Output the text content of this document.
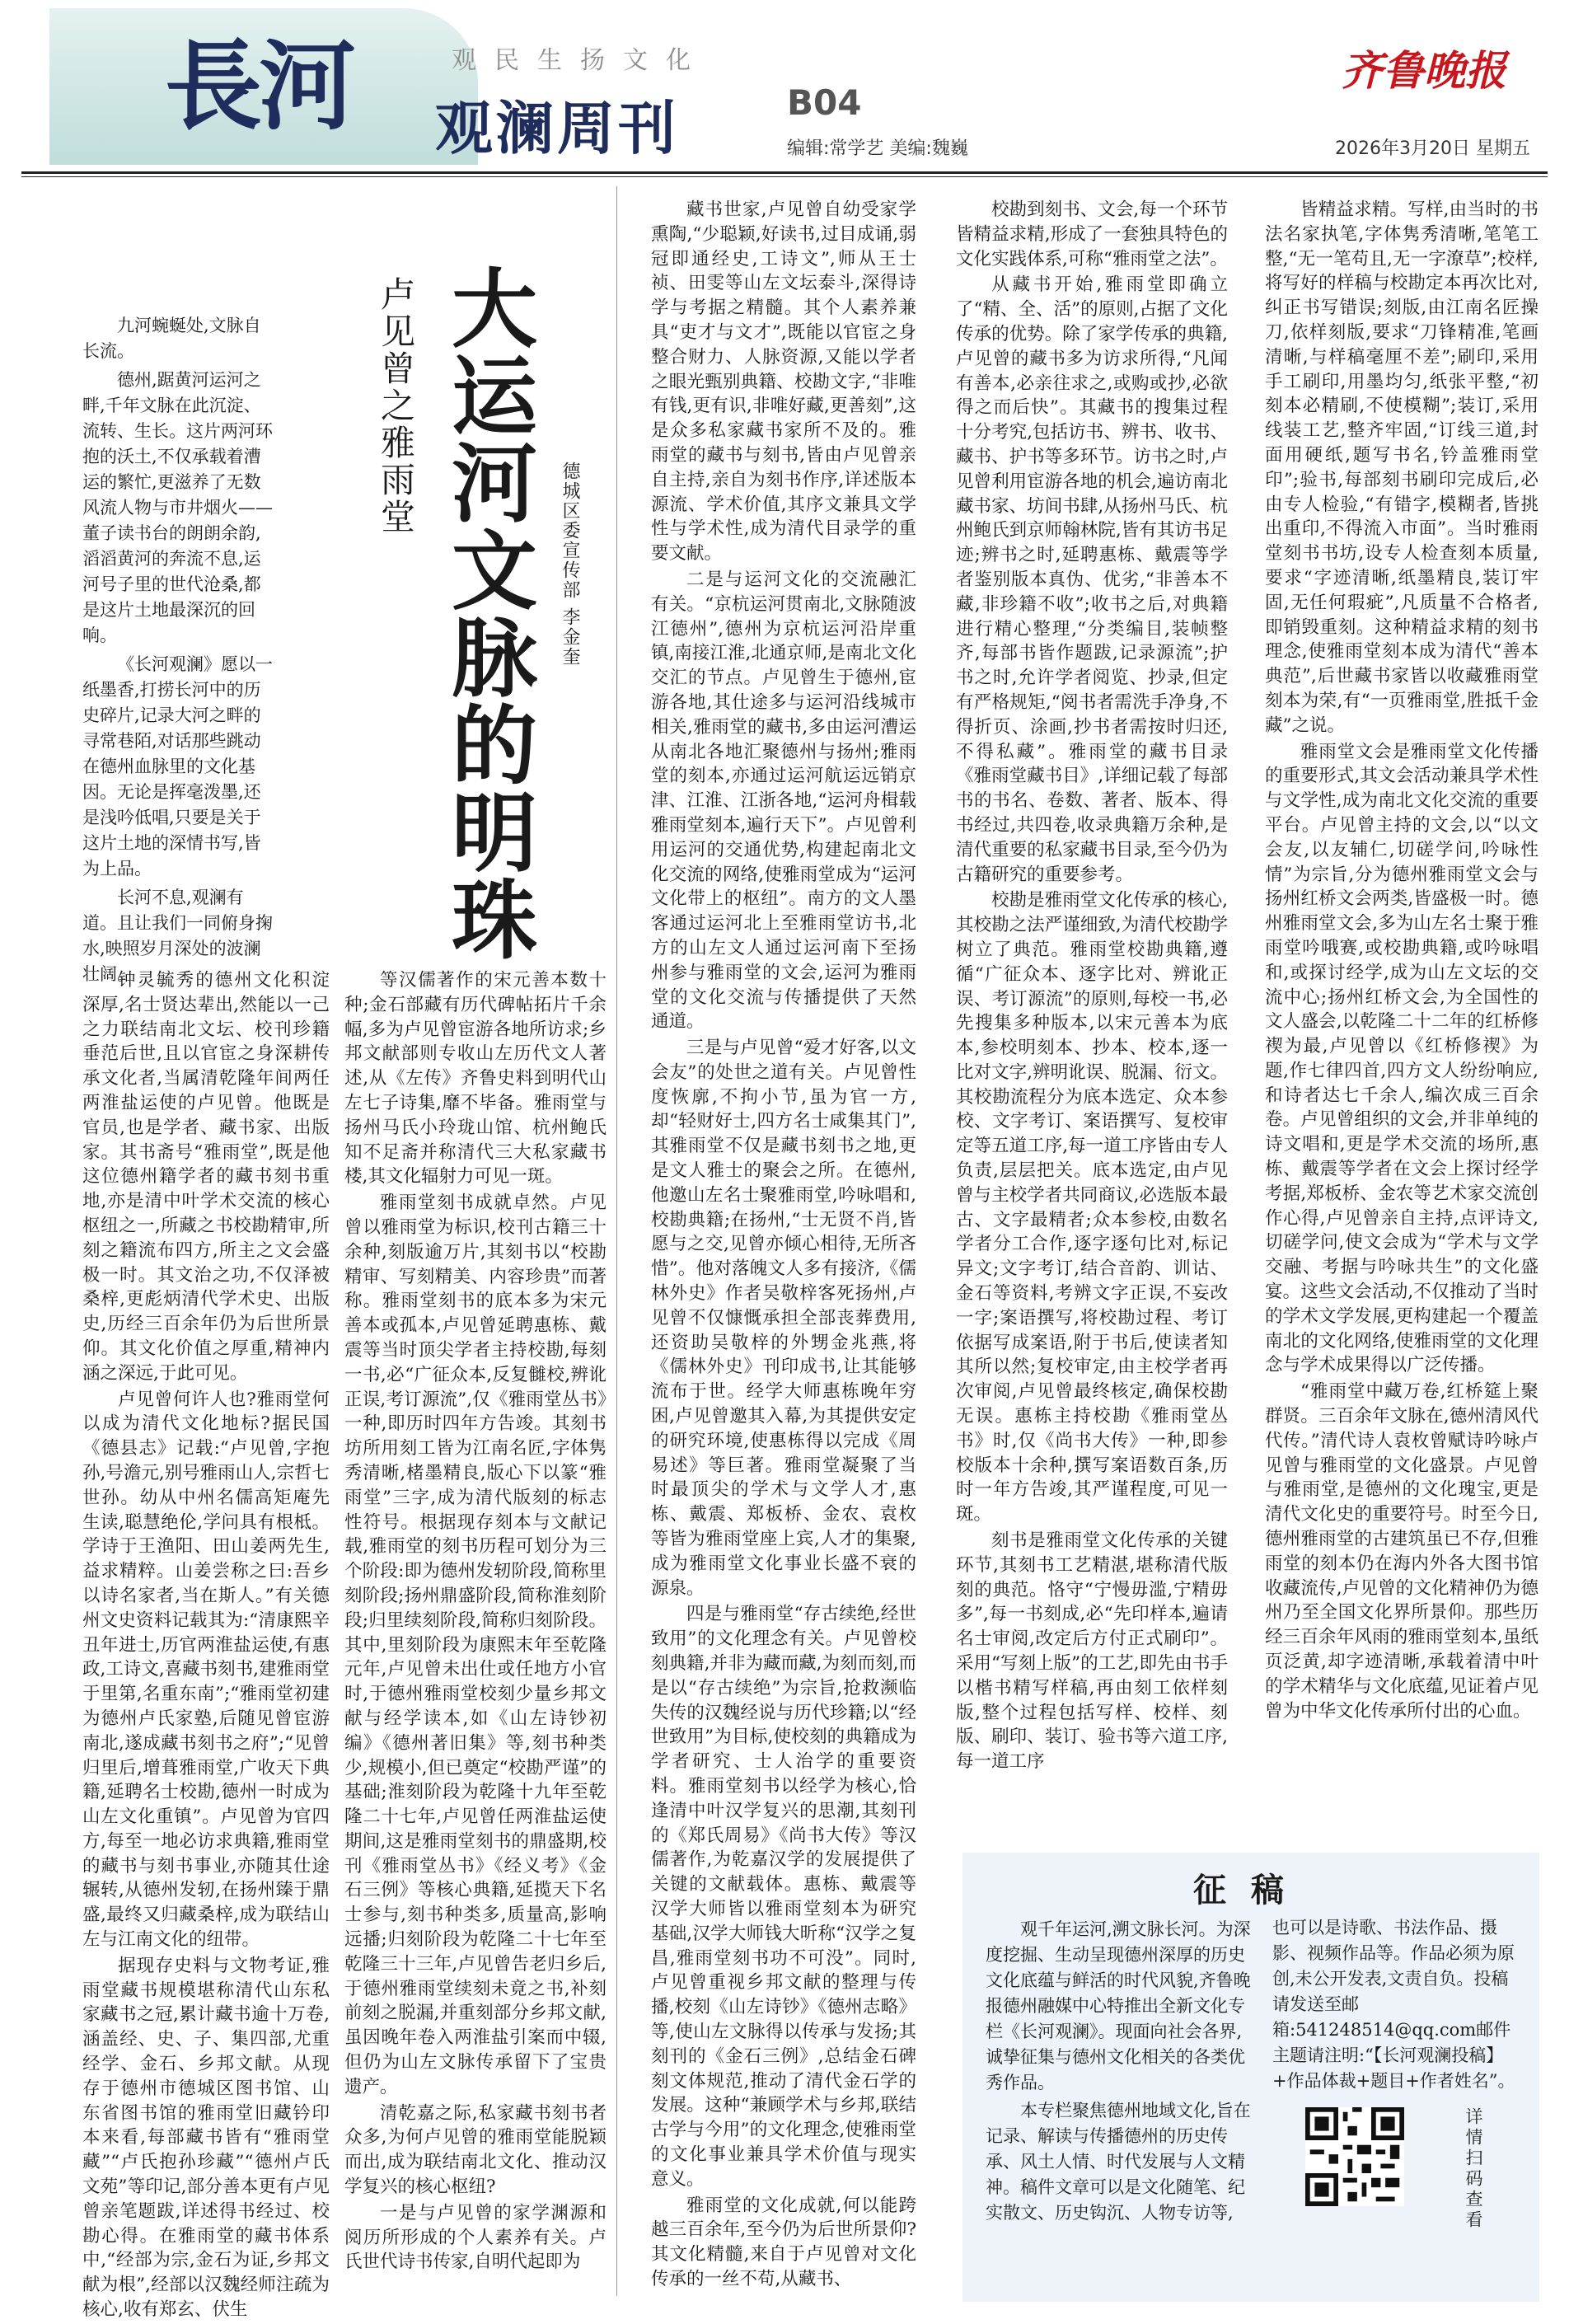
長河	观民生扬文化
观澜周刊	B04
编辑:常学艺 美编:魏巍
齐鲁晚报
2026年3月20日 星期五

九河蜿蜒处,文脉自长流。

德州,踞黄河运河之畔,千年文脉在此沉淀、流转、生长。这片两河环抱的沃土,不仅承载着漕运的繁忙,更滋养了无数风流人物与市井烟火——董子读书台的朗朗余韵,滔滔黄河的奔流不息,运河号子里的世代沧桑,都是这片土地最深沉的回响。

《长河观澜》愿以一纸墨香,打捞长河中的历史碎片,记录大河之畔的寻常巷陌,对话那些跳动在德州血脉里的文化基因。无论是挥毫泼墨,还是浅吟低唱,只要是关于这片土地的深情书写,皆为上品。

长河不息,观澜有道。且让我们一同俯身掬水,映照岁月深处的波澜壮阔。

卢见曾之雅雨堂 大运河文脉的明珠 德城区委宣传部 李金奎

钟灵毓秀的德州文化积淀深厚,名士贤达辈出,然能以一己之力联结南北文坛、校刊珍籍垂范后世,且以官宦之身深耕传承文化者,当属清乾隆年间两任两淮盐运使的卢见曾。他既是官员,也是学者、藏书家、出版家。其书斋号“雅雨堂”,既是他这位德州籍学者的藏书刻书重地,亦是清中叶学术交流的核心枢纽之一,所藏之书校勘精审,所刻之籍流布四方,所主之文会盛极一时。其文治之功,不仅泽被桑梓,更彪炳清代学术史、出版史,历经三百余年仍为后世所景仰。其文化价值之厚重,精神内涵之深远,于此可见。

卢见曾何许人也?雅雨堂何以成为清代文化地标?据民国《德县志》记载:“卢见曾,字抱孙,号澹元,别号雅雨山人,宗哲七世孙。幼从中州名儒高矩庵先生读,聪慧绝伦,学问具有根柢。学诗于王渔阳、田山姜两先生,益求精粹。山姜尝称之曰:吾乡以诗名家者,当在斯人。”有关德州文史资料记载其为:“清康熙辛丑年进士,历官两淮盐运使,有惠政,工诗文,喜藏书刻书,建雅雨堂于里第,名重东南”;“雅雨堂初建为德州卢氏家塾,后随见曾宦游南北,遂成藏书刻书之府”;“见曾归里后,增葺雅雨堂,广收天下典籍,延聘名士校勘,德州一时成为山左文化重镇”。卢见曾为官四方,每至一地必访求典籍,雅雨堂的藏书与刻书事业,亦随其仕途辗转,从德州发轫,在扬州臻于鼎盛,最终又归藏桑梓,成为联结山左与江南文化的纽带。

据现存史料与文物考证,雅雨堂藏书规模堪称清代山东私家藏书之冠,累计藏书逾十万卷,涵盖经、史、子、集四部,尤重经学、金石、乡邦文献。从现存于德州市德城区图书馆、山东省图书馆的雅雨堂旧藏钤印本来看,每部藏书皆有“雅雨堂藏”“卢氏抱孙珍藏”“德州卢氏文苑”等印记,部分善本更有卢见曾亲笔题跋,详述得书经过、校勘心得。在雅雨堂的藏书体系中,“经部为宗,金石为证,乡邦文献为根”,经部以汉魏经师注疏为核心,收有郑玄、伏生

等汉儒著作的宋元善本数十种;金石部藏有历代碑帖拓片千余幅,多为卢见曾宦游各地所访求;乡邦文献部则专收山左历代文人著述,从《左传》齐鲁史料到明代山左七子诗集,靡不毕备。雅雨堂与扬州马氏小玲珑山馆、杭州鲍氏知不足斋并称清代三大私家藏书楼,其文化辐射力可见一斑。

雅雨堂刻书成就卓然。卢见曾以雅雨堂为标识,校刊古籍三十余种,刻版逾万片,其刻书以“校勘精审、写刻精美、内容珍贵”而著称。雅雨堂刻书的底本多为宋元善本或孤本,卢见曾延聘惠栋、戴震等当时顶尖学者主持校勘,每刻一书,必“广征众本,反复雠校,辨讹正误,考订源流”,仅《雅雨堂丛书》一种,即历时四年方告竣。其刻书坊所用刻工皆为江南名匠,字体隽秀清晰,楮墨精良,版心下以篆“雅雨堂”三字,成为清代版刻的标志性符号。根据现存刻本与文献记载,雅雨堂的刻书历程可划分为三个阶段:即为德州发轫阶段,简称里刻阶段;扬州鼎盛阶段,简称淮刻阶段;归里续刻阶段,简称归刻阶段。其中,里刻阶段为康熙末年至乾隆元年,卢见曾未出仕或任地方小官时,于德州雅雨堂校刻少量乡邦文献与经学读本,如《山左诗钞初编》《德州著旧集》等,刻书种类少,规模小,但已奠定“校勘严谨”的基础;淮刻阶段为乾隆十九年至乾隆二十七年,卢见曾任两淮盐运使期间,这是雅雨堂刻书的鼎盛期,校刊《雅雨堂丛书》《经义考》《金石三例》等核心典籍,延揽天下名士参与,刻书种类多,质量高,影响远播;归刻阶段为乾隆二十七年至乾隆三十三年,卢见曾告老归乡后,于德州雅雨堂续刻未竟之书,补刻前刻之脱漏,并重刻部分乡邦文献,虽因晚年卷入两淮盐引案而中辍,但仍为山左文脉传承留下了宝贵遗产。

清乾嘉之际,私家藏书刻书者众多,为何卢见曾的雅雨堂能脱颖而出,成为联结南北文化、推动汉学复兴的核心枢纽?

一是与卢见曾的家学渊源和阅历所形成的个人素养有关。卢氏世代诗书传家,自明代起即为

藏书世家,卢见曾自幼受家学熏陶,“少聪颖,好读书,过目成诵,弱冠即通经史,工诗文”,师从王士祯、田雯等山左文坛泰斗,深得诗学与考据之精髓。其个人素养兼具“吏才与文才”,既能以官宦之身整合财力、人脉资源,又能以学者之眼光甄别典籍、校勘文字,“非唯有钱,更有识,非唯好藏,更善刻”,这是众多私家藏书家所不及的。雅雨堂的藏书与刻书,皆由卢见曾亲自主持,亲自为刻书作序,详述版本源流、学术价值,其序文兼具文学性与学术性,成为清代目录学的重要文献。

二是与运河文化的交流融汇有关。“京杭运河贯南北,文脉随波江德州”,德州为京杭运河沿岸重镇,南接江淮,北通京师,是南北文化交汇的节点。卢见曾生于德州,宦游各地,其仕途多与运河沿线城市相关,雅雨堂的藏书,多由运河漕运从南北各地汇聚德州与扬州;雅雨堂的刻本,亦通过运河航运远销京津、江淮、江浙各地,“运河舟楫载雅雨堂刻本,遍行天下”。卢见曾利用运河的交通优势,构建起南北文化交流的网络,使雅雨堂成为“运河文化带上的枢纽”。南方的文人墨客通过运河北上至雅雨堂访书,北方的山左文人通过运河南下至扬州参与雅雨堂的文会,运河为雅雨堂的文化交流与传播提供了天然通道。

三是与卢见曾“爱才好客,以文会友”的处世之道有关。卢见曾性度恢廓,不拘小节,虽为官一方,却“轻财好士,四方名士咸集其门”,其雅雨堂不仅是藏书刻书之地,更是文人雅士的聚会之所。在德州,他邀山左名士聚雅雨堂,吟咏唱和,校勘典籍;在扬州,“士无贤不肖,皆愿与之交,见曾亦倾心相待,无所吝惜”。他对落魄文人多有接济,《儒林外史》作者吴敬梓客死扬州,卢见曾不仅慷慨承担全部丧葬费用,还资助吴敬梓的外甥金兆燕,将《儒林外史》刊印成书,让其能够流布于世。经学大师惠栋晚年穷困,卢见曾邀其入幕,为其提供安定的研究环境,使惠栋得以完成《周易述》等巨著。雅雨堂凝聚了当时最顶尖的学术与文学人才,惠栋、戴震、郑板桥、金农、袁枚等皆为雅雨堂座上宾,人才的集聚,成为雅雨堂文化事业长盛不衰的源泉。

四是与雅雨堂“存古续绝,经世致用”的文化理念有关。卢见曾校刻典籍,并非为藏而藏,为刻而刻,而是以“存古续绝”为宗旨,抢救濒临失传的汉魏经说与历代珍籍;以“经世致用”为目标,使校刻的典籍成为学者研究、士人治学的重要资料。雅雨堂刻书以经学为核心,恰逢清中叶汉学复兴的思潮,其刻刊的《郑氏周易》《尚书大传》等汉儒著作,为乾嘉汉学的发展提供了关键的文献载体。惠栋、戴震等汉学大师皆以雅雨堂刻本为研究基础,汉学大师钱大昕称“汉学之复昌,雅雨堂刻书功不可没”。同时,卢见曾重视乡邦文献的整理与传播,校刻《山左诗钞》《德州志略》等,使山左文脉得以传承与发扬;其刻刊的《金石三例》,总结金石碑刻文体规范,推动了清代金石学的发展。这种“兼顾学术与乡邦,联结古学与今用”的文化理念,使雅雨堂的文化事业兼具学术价值与现实意义。

雅雨堂的文化成就,何以能跨越三百余年,至今仍为后世所景仰?其文化精髓,来自于卢见曾对文化传承的一丝不苟,从藏书、

校勘到刻书、文会,每一个环节皆精益求精,形成了一套独具特色的文化实践体系,可称“雅雨堂之法”。

从藏书开始,雅雨堂即确立了“精、全、活”的原则,占据了文化传承的优势。除了家学传承的典籍,卢见曾的藏书多为访求所得,“凡闻有善本,必亲往求之,或购或抄,必欲得之而后快”。其藏书的搜集过程十分考究,包括访书、辨书、收书、藏书、护书等多环节。访书之时,卢见曾利用宦游各地的机会,遍访南北藏书家、坊间书肆,从扬州马氏、杭州鲍氏到京师翰林院,皆有其访书足迹;辨书之时,延聘惠栋、戴震等学者鉴别版本真伪、优劣,“非善本不藏,非珍籍不收”;收书之后,对典籍进行精心整理,“分类编目,装帧整齐,每部书皆作题跋,记录源流”;护书之时,允许学者阅览、抄录,但定有严格规矩,“阅书者需洗手净身,不得折页、涂画,抄书者需按时归还,不得私藏”。雅雨堂的藏书目录《雅雨堂藏书目》,详细记载了每部书的书名、卷数、著者、版本、得书经过,共四卷,收录典籍万余种,是清代重要的私家藏书目录,至今仍为古籍研究的重要参考。

校勘是雅雨堂文化传承的核心,其校勘之法严谨细致,为清代校勘学树立了典范。雅雨堂校勘典籍,遵循“广征众本、逐字比对、辨讹正误、考订源流”的原则,每校一书,必先搜集多种版本,以宋元善本为底本,参校明刻本、抄本、校本,逐一比对文字,辨明讹误、脱漏、衍文。其校勘流程分为底本选定、众本参校、文字考订、案语撰写、复校审定等五道工序,每一道工序皆由专人负责,层层把关。底本选定,由卢见曾与主校学者共同商议,必选版本最古、文字最精者;众本参校,由数名学者分工合作,逐字逐句比对,标记异文;文字考订,结合音韵、训诂、金石等资料,考辨文字正误,不妄改一字;案语撰写,将校勘过程、考订依据写成案语,附于书后,使读者知其所以然;复校审定,由主校学者再次审阅,卢见曾最终核定,确保校勘无误。惠栋主持校勘《雅雨堂丛书》时,仅《尚书大传》一种,即参校版本十余种,撰写案语数百条,历时一年方告竣,其严谨程度,可见一斑。

刻书是雅雨堂文化传承的关键环节,其刻书工艺精湛,堪称清代版刻的典范。恪守“宁慢毋滥,宁精毋多”,每一书刻成,必“先印样本,遍请名士审阅,改定后方付正式刷印”。采用“写刻上版”的工艺,即先由书手以楷书精写样稿,再由刻工依样刻版,整个过程包括写样、校样、刻版、刷印、装订、验书等六道工序,每一道工序

皆精益求精。写样,由当时的书法名家执笔,字体隽秀清晰,笔笔工整,“无一笔苟且,无一字潦草”;校样,将写好的样稿与校勘定本再次比对,纠正书写错误;刻版,由江南名匠操刀,依样刻版,要求“刀锋精准,笔画清晰,与样稿毫厘不差”;刷印,采用手工刷印,用墨均匀,纸张平整,“初刻本必精刷,不使模糊”;装订,采用线装工艺,整齐牢固,“订线三道,封面用硬纸,题写书名,钤盖雅雨堂印”;验书,每部刻书刷印完成后,必由专人检验,“有错字,模糊者,皆挑出重印,不得流入市面”。当时雅雨堂刻书书坊,设专人检查刻本质量,要求“字迹清晰,纸墨精良,装订牢固,无任何瑕疵”,凡质量不合格者,即销毁重刻。这种精益求精的刻书理念,使雅雨堂刻本成为清代“善本典范”,后世藏书家皆以收藏雅雨堂刻本为荣,有“一页雅雨堂,胜抵千金藏”之说。

雅雨堂文会是雅雨堂文化传播的重要形式,其文会活动兼具学术性与文学性,成为南北文化交流的重要平台。卢见曾主持的文会,以“以文会友,以友辅仁,切磋学问,吟咏性情”为宗旨,分为德州雅雨堂文会与扬州红桥文会两类,皆盛极一时。德州雅雨堂文会,多为山左名士聚于雅雨堂吟哦赛,或校勘典籍,或吟咏唱和,或探讨经学,成为山左文坛的交流中心;扬州红桥文会,为全国性的文人盛会,以乾隆二十二年的红桥修禊为最,卢见曾以《红桥修禊》为题,作七律四首,四方文人纷纷响应,和诗者达七千余人,编次成三百余卷。卢见曾组织的文会,并非单纯的诗文唱和,更是学术交流的场所,惠栋、戴震等学者在文会上探讨经学考据,郑板桥、金农等艺术家交流创作心得,卢见曾亲自主持,点评诗文,切磋学问,使文会成为“学术与文学交融、考据与吟咏共生”的文化盛宴。这些文会活动,不仅推动了当时的学术文学发展,更构建起一个覆盖南北的文化网络,使雅雨堂的文化理念与学术成果得以广泛传播。

“雅雨堂中藏万卷,红桥筵上聚群贤。三百余年文脉在,德州清风代代传。”清代诗人袁枚曾赋诗吟咏卢见曾与雅雨堂的文化盛景。卢见曾与雅雨堂,是德州的文化瑰宝,更是清代文化史的重要符号。时至今日,德州雅雨堂的古建筑虽已不存,但雅雨堂的刻本仍在海内外各大图书馆收藏流传,卢见曾的文化精神仍为德州乃至全国文化界所景仰。那些历经三百余年风雨的雅雨堂刻本,虽纸页泛黄,却字迹清晰,承载着清中叶的学术精华与文化底蕴,见证着卢见曾为中华文化传承所付出的心血。

征稿

观千年运河,溯文脉长河。为深度挖掘、生动呈现德州深厚的历史文化底蕴与鲜活的时代风貌,齐鲁晚报德州融媒中心特推出全新文化专栏《长河观澜》。现面向社会各界,诚挚征集与德州文化相关的各类优秀作品。

本专栏聚焦德州地域文化,旨在记录、解读与传播德州的历史传承、风土人情、时代发展与人文精神。稿件文章可以是文化随笔、纪实散文、历史钩沉、人物专访等,

也可以是诗歌、书法作品、摄影、视频作品等。作品必须为原创,未公开发表,文责自负。投稿请发送至邮箱:541248514@qq.com邮件主题请注明:“【长河观澜投稿】+作品体裁+题目+作者姓名”。
详情扫码查看
